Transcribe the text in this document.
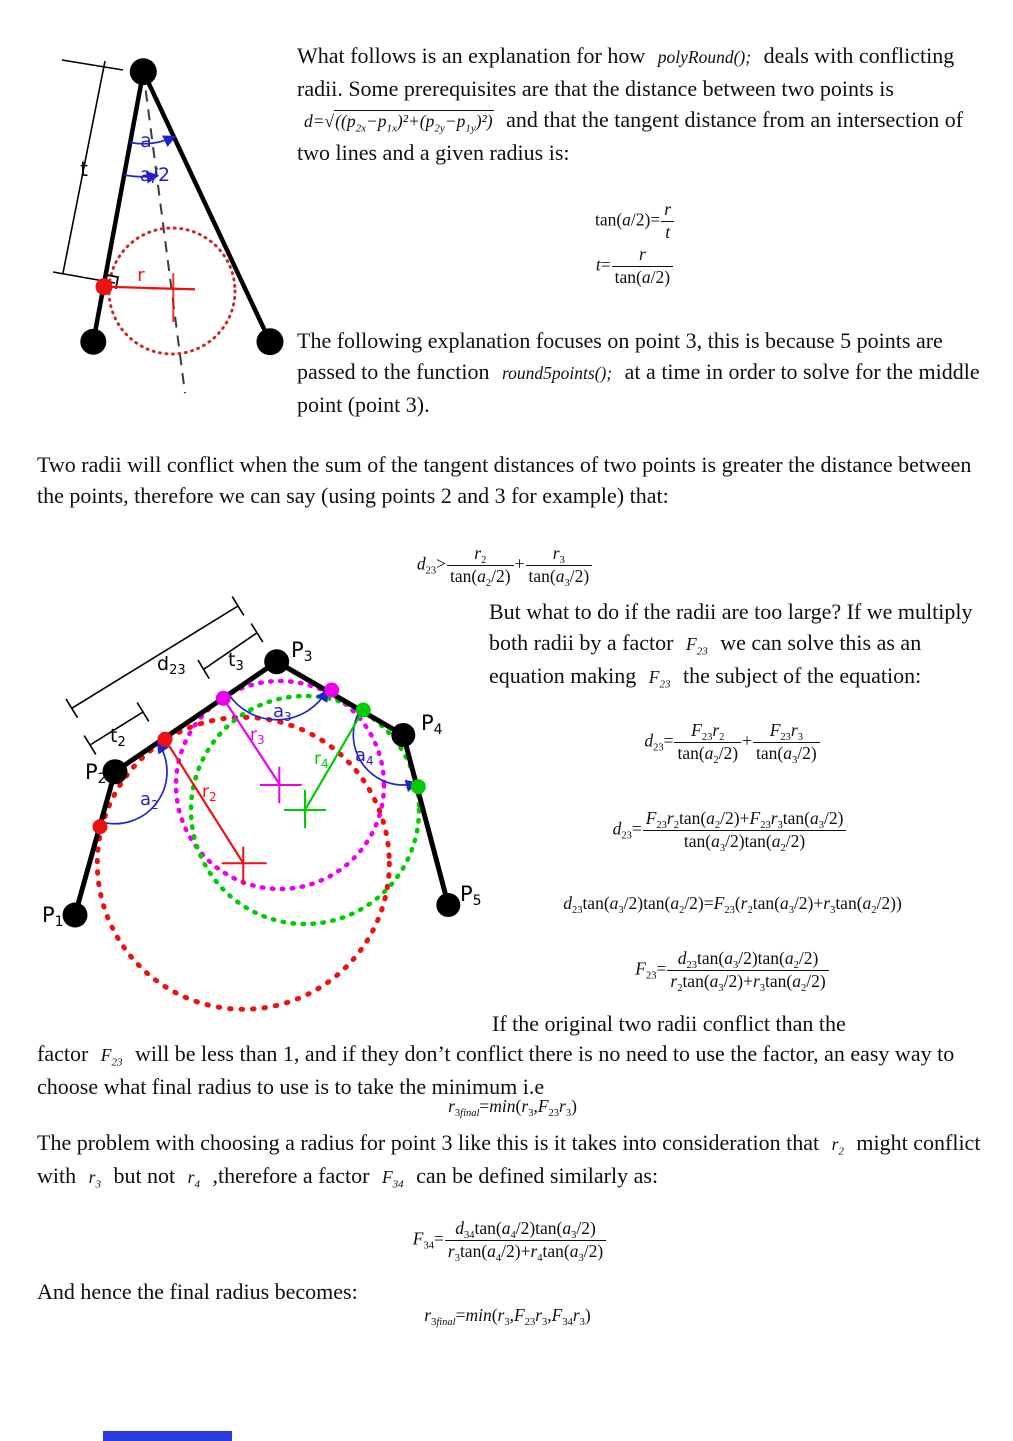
t
a
a/2
r
What follows is an explanation for how polyRound(); deals with conflicting radii. Some prerequisites are that the distance between two points is $d=√((p_{2x}-p_{1x})^2+(p_{2y}-p_{1y})^2)$ and that the tangent distance from an intersection of two lines and a given radius is:
$\tan(a/2)= \frac{r}{t}$
$t= \frac{r}{\tan(a/2)}$
The following explanation focuses on point 3, this is because 5 points are passed to the function round5points(); at a time in order to solve for the middle point (point 3).
Two radii will conflict when the sum of the tangent distances of two points is greater the distance between the points, therefore we can say (using points 2 and 3 for example) that:
$d_{23}> \frac{r_2}{\tan(a_2/2)} + \frac{r_3}{\tan(a_3/2)}$
P1
P2
P3
P4
P5
$d_{23}$ $t_3$
$t_2$
$a_2$
$a_3$
$a_4$
$r_2$
$r_3$
$r_4$
But what to do if the radii are too large? If we multiply both radii by a factor $F_{23}$ we can solve this as an equation making $F_{23}$ the subject of the equation:
$d_{23}= \frac{F_{23}r_2}{\tan(a_2/2)} + \frac{F_{23}r_3}{\tan(a_3/2)}$
$d_{23}= \frac{F_{23}r_2\tan(a_2/2)+F_{23}r_3\tan(a_3/2)}{\tan(a_3/2)\tan(a_2/2)}$
$d_{23}\tan(a_3/2)\tan(a_2/2)=F_{23}(r_2\tan(a_3/2)+r_3\tan(a_2/2))$
$F_{23}= \frac{d_{23}\tan(a_3/2)\tan(a_2/2)}{r_2\tan(a_3/2)+r_3\tan(a_2/2)}$
If the original two radii conflict than the
factor $F_{23}$ will be less than 1, and if they don’t conflict there is no need to use the factor, an easy way to choose what final radius to use is to take the minimum i.e
$r_{3final}=\min(r_3,F_{23}r_3)$
The problem with choosing a radius for point 3 like this is it takes into consideration that $r_2$ might conflict with $r_3$ but not $r_4$ ,therefore a factor $F_{34}$ can be defined similarly as:
$F_{34}= \frac{d_{34}\tan(a_4/2)\tan(a_3/2)}{r_3\tan(a_4/2)+r_4\tan(a_3/2)}$
And hence the final radius becomes:
$r_{3final}=\min(r_3,F_{23}r_3,F_{34}r_3)$
